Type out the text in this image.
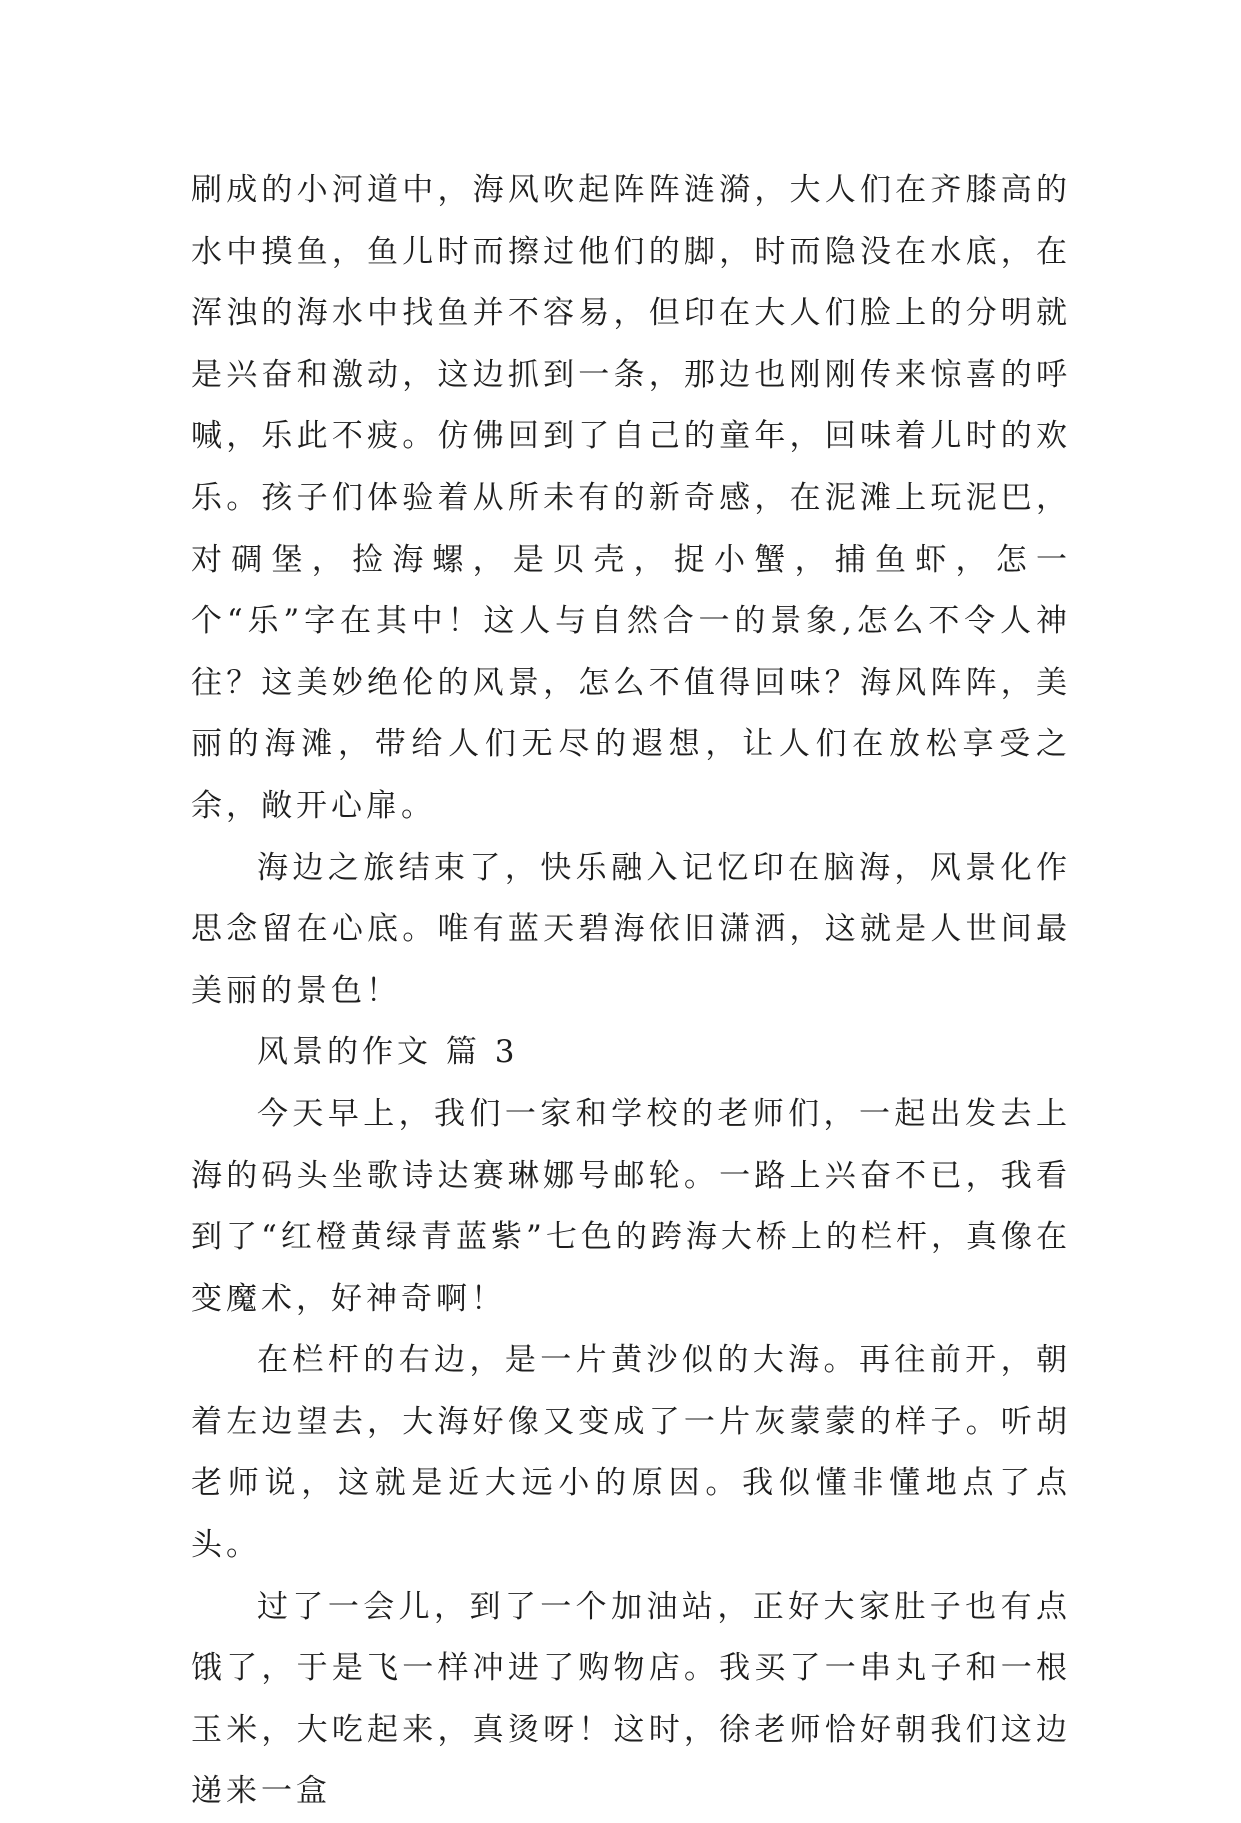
刷成的小河道中，海风吹起阵阵涟漪，大人们在齐膝高的水中摸鱼，鱼儿时而擦过他们的脚，时而隐没在水底，在浑浊的海水中找鱼并不容易，但印在大人们脸上的分明就是兴奋和激动，这边抓到一条，那边也刚刚传来惊喜的呼喊，乐此不疲。仿佛回到了自己的童年，回味着儿时的欢乐。孩子们体验着从所未有的新奇感，在泥滩上玩泥巴，对碉堡，捡海螺，是贝壳，捉小蟹，捕鱼虾，怎一个“乐”字在其中！这人与自然合一的景象,怎么不令人神往？这美妙绝伦的风景，怎么不值得回味？海风阵阵，美丽的海滩，带给人们无尽的遐想，让人们在放松享受之余，敞开心扉。

海边之旅结束了，快乐融入记忆印在脑海，风景化作思念留在心底。唯有蓝天碧海依旧潇洒，这就是人世间最美丽的景色！

风景的作文 篇 3

今天早上，我们一家和学校的老师们，一起出发去上海的码头坐歌诗达赛琳娜号邮轮。一路上兴奋不已，我看到了“红橙黄绿青蓝紫”七色的跨海大桥上的栏杆，真像在变魔术，好神奇啊！

在栏杆的右边，是一片黄沙似的大海。再往前开，朝着左边望去，大海好像又变成了一片灰蒙蒙的样子。听胡老师说，这就是近大远小的原因。我似懂非懂地点了点头。

过了一会儿，到了一个加油站，正好大家肚子也有点饿了，于是飞一样冲进了购物店。我买了一串丸子和一根玉米，大吃起来，真烫呀！这时，徐老师恰好朝我们这边递来一盒
